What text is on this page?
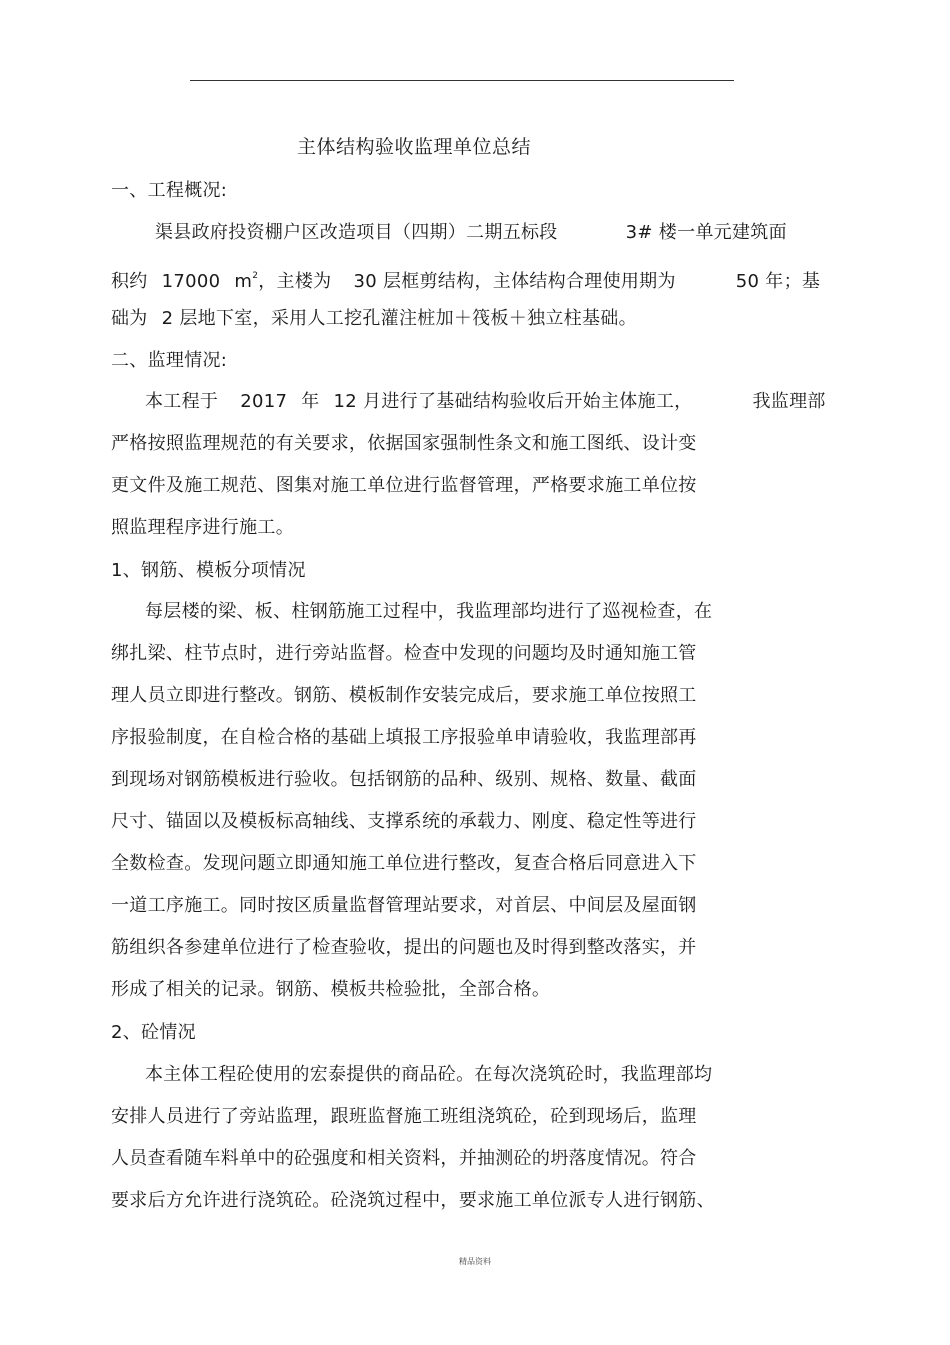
主体结构验收监理单位总结
一、工程概况:
渠县政府投资棚户区改造项目（四期）二期五标段	3# 楼一单元建筑面
积约 17000 $m^2$，主楼为 30 层框剪结构，主体结构合理使用期为	50 年；基
础为 2 层地下室，采用人工挖孔灌注桩加＋筏板＋独立柱基础。
二、监理情况:
本工程于 2017 年 12 月进行了基础结构验收后开始主体施工，	我监理部
严格按照监理规范的有关要求，依据国家强制性条文和施工图纸、设计变
更文件及施工规范、图集对施工单位进行监督管理，严格要求施工单位按
照监理程序进行施工。
1、钢筋、模板分项情况
每层楼的梁、板、柱钢筋施工过程中，我监理部均进行了巡视检查，在
绑扎梁、柱节点时，进行旁站监督。检查中发现的问题均及时通知施工管
理人员立即进行整改。钢筋、模板制作安装完成后，要求施工单位按照工
序报验制度，在自检合格的基础上填报工序报验单申请验收，我监理部再
到现场对钢筋模板进行验收。包括钢筋的品种、级别、规格、数量、截面
尺寸、锚固以及模板标高轴线、支撑系统的承载力、刚度、稳定性等进行
全数检查。发现问题立即通知施工单位进行整改，复查合格后同意进入下
一道工序施工。同时按区质量监督管理站要求，对首层、中间层及屋面钢
筋组织各参建单位进行了检查验收，提出的问题也及时得到整改落实，并
形成了相关的记录。钢筋、模板共检验批，全部合格。
2、砼情况
本主体工程砼使用的宏泰提供的商品砼。在每次浇筑砼时，我监理部均
安排人员进行了旁站监理，跟班监督施工班组浇筑砼，砼到现场后，监理
人员查看随车料单中的砼强度和相关资料，并抽测砼的坍落度情况。符合
要求后方允许进行浇筑砼。砼浇筑过程中，要求施工单位派专人进行钢筋、
精品资料
